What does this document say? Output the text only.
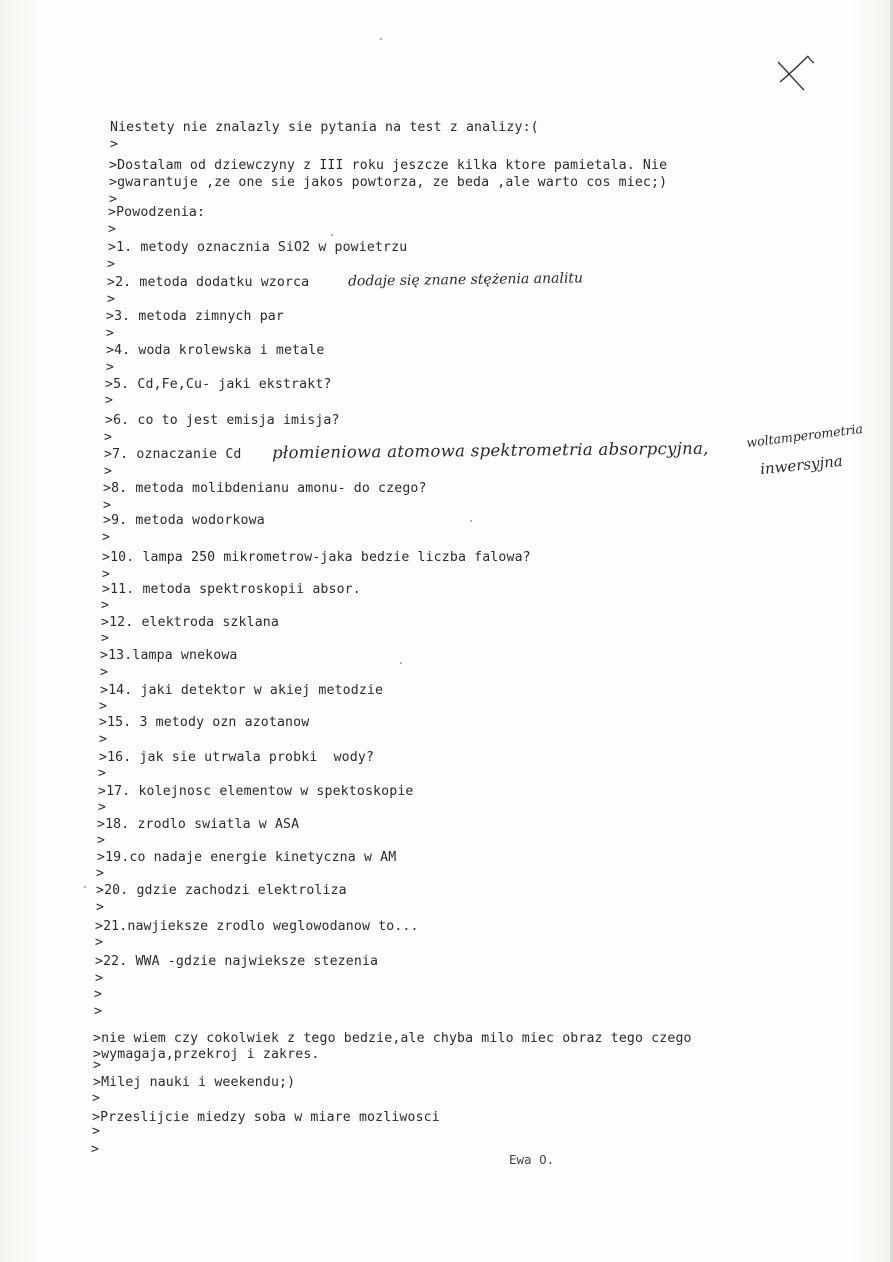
X
Niestety nie znalazly sie pytania na test z analizy:(
>
>Dostalam od dziewczyny z III roku jeszcze kilka ktore pamietala. Nie
>gwarantuje ,ze one sie jakos powtorza, ze beda ,ale warto cos miec;)
>
>Powodzenia:
>
>1. metody oznacznia SiO2 w powietrzu
>
>2. metoda dodatku wzorca
>
>3. metoda zimnych par
>
>4. woda krolewska i metale
>
>5. Cd,Fe,Cu- jaki ekstrakt?
>
>6. co to jest emisja imisja?
>
>7. oznaczanie Cd
>
>8. metoda molibdenianu amonu- do czego?
>
>9. metoda wodorkowa
>
>10. lampa 250 mikrometrow-jaka bedzie liczba falowa?
>
>11. metoda spektroskopii absor.
>
>12. elektroda szklana
>
>13.lampa wnekowa
>
>14. jaki detektor w akiej metodzie
>
>15. 3 metody ozn azotanow
>
>16. jak sie utrwala probki  wody?
>
>17. kolejnosc elementow w spektoskopie
>
>18. zrodlo swiatla w ASA
>
>19.co nadaje energie kinetyczna w AM
>
>20. gdzie zachodzi elektroliza
>
>21.nawjieksze zrodlo weglowodanow to...
>
>22. WWA -gdzie najwieksze stezenia
>
>
>
>nie wiem czy cokolwiek z tego bedzie,ale chyba milo miec obraz tego czego
>wymagaja,przekroj i zakres.
>
>Milej nauki i weekendu;)
>
>Przeslijcie miedzy soba w miare mozliwosci
>
>
dodaje się znane stężenia analitu
płomieniowa atomowa spektrometria absorpcyjna,
woltamperometria
inwersyjna
Ewa O.
